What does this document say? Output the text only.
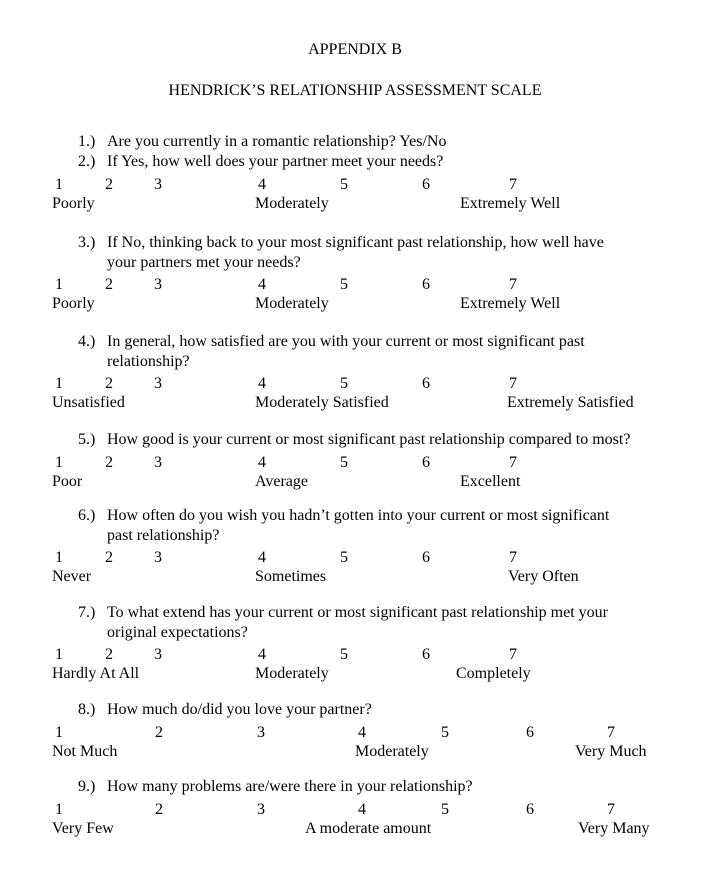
APPENDIX B
HENDRICK’S RELATIONSHIP ASSESSMENT SCALE
1.) Are you currently in a romantic relationship? Yes/No
2.) If Yes, how well does your partner meet your needs?
1	2	3	4	5	6	7
Poorly	Moderately	Extremely Well
3.) If No, thinking back to your most significant past relationship, how well have
your partners met your needs?
1	2	3	4	5	6	7
Poorly	Moderately	Extremely Well
4.) In general, how satisfied are you with your current or most significant past
relationship?
1	2	3	4	5	6	7
Unsatisfied	Moderately Satisfied	Extremely Satisfied
5.) How good is your current or most significant past relationship compared to most?
1	2	3	4	5	6	7
Poor	Average	Excellent
6.) How often do you wish you hadn’t gotten into your current or most significant
past relationship?
1	2	3	4	5	6	7
Never	Sometimes	Very Often
7.) To what extend has your current or most significant past relationship met your
original expectations?
1	2	3	4	5	6	7
Hardly At All	Moderately	Completely
8.) How much do/did you love your partner?
1	2	3	4	5	6	7
Not Much	Moderately	Very Much
9.) How many problems are/were there in your relationship?
1	2	3	4	5	6	7
Very Few	A moderate amount	Very Many
